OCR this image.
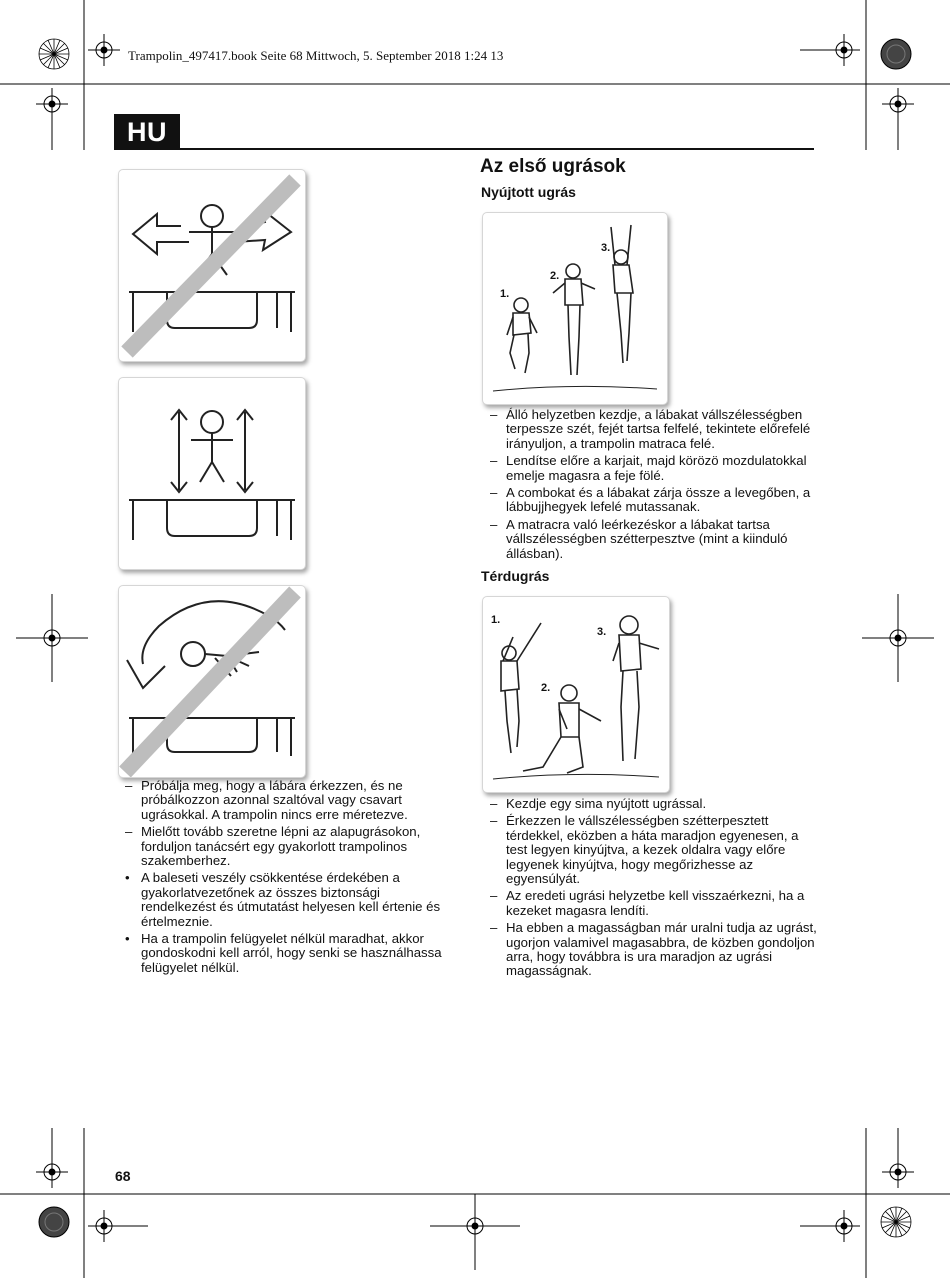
Trampolin_497417.book Seite 68 Mittwoch, 5. September 2018 1:24 13
HU
– Próbálja meg, hogy a lábára érkezzen, és ne próbálkozzon azonnal szaltóval vagy csavart ugrásokkal. A trampolin nincs erre méretezve.
– Mielőtt tovább szeretne lépni az alapugrásokon, forduljon tanácsért egy gyakorlott trampolinos szakemberhez.
• A baleseti veszély csökkentése érdekében a gyakorlatvezetőnek az összes biztonsági rendelkezést és útmutatást helyesen kell értenie és értelmeznie.
• Ha a trampolin felügyelet nélkül maradhat, akkor gondoskodni kell arról, hogy senki se használhassa felügyelet nélkül.
Az első ugrások
Nyújtott ugrás
1.
2.
3.
– Álló helyzetben kezdje, a lábakat vállszélességben terpessze szét, fejét tartsa felfelé, tekintete előrefelé irányuljon, a trampolin matraca felé.
– Lendítse előre a karjait, majd körözö mozdulatokkal emelje magasra a feje fölé.
– A combokat és a lábakat zárja össze a levegőben, a lábbujjhegyek lefelé mutassanak.
– A matracra való leérkezéskor a lábakat tartsa vállszélességben szétterpesztve (mint a kiinduló állásban).
Térdugrás
1.
2.
3.
– Kezdje egy sima nyújtott ugrással.
– Érkezzen le vállszélességben szétterpesztett térdekkel, eközben a háta maradjon egyenesen, a test legyen kinyújtva, a kezek oldalra vagy előre legyenek kinyújtva, hogy megőrizhesse az egyensúlyát.
– Az eredeti ugrási helyzetbe kell visszaérkezni, ha a kezeket magasra lendíti.
– Ha ebben a magasságban már uralni tudja az ugrást, ugorjon valamivel magasabbra, de közben gondoljon arra, hogy továbbra is ura maradjon az ugrási magasságnak.
68
